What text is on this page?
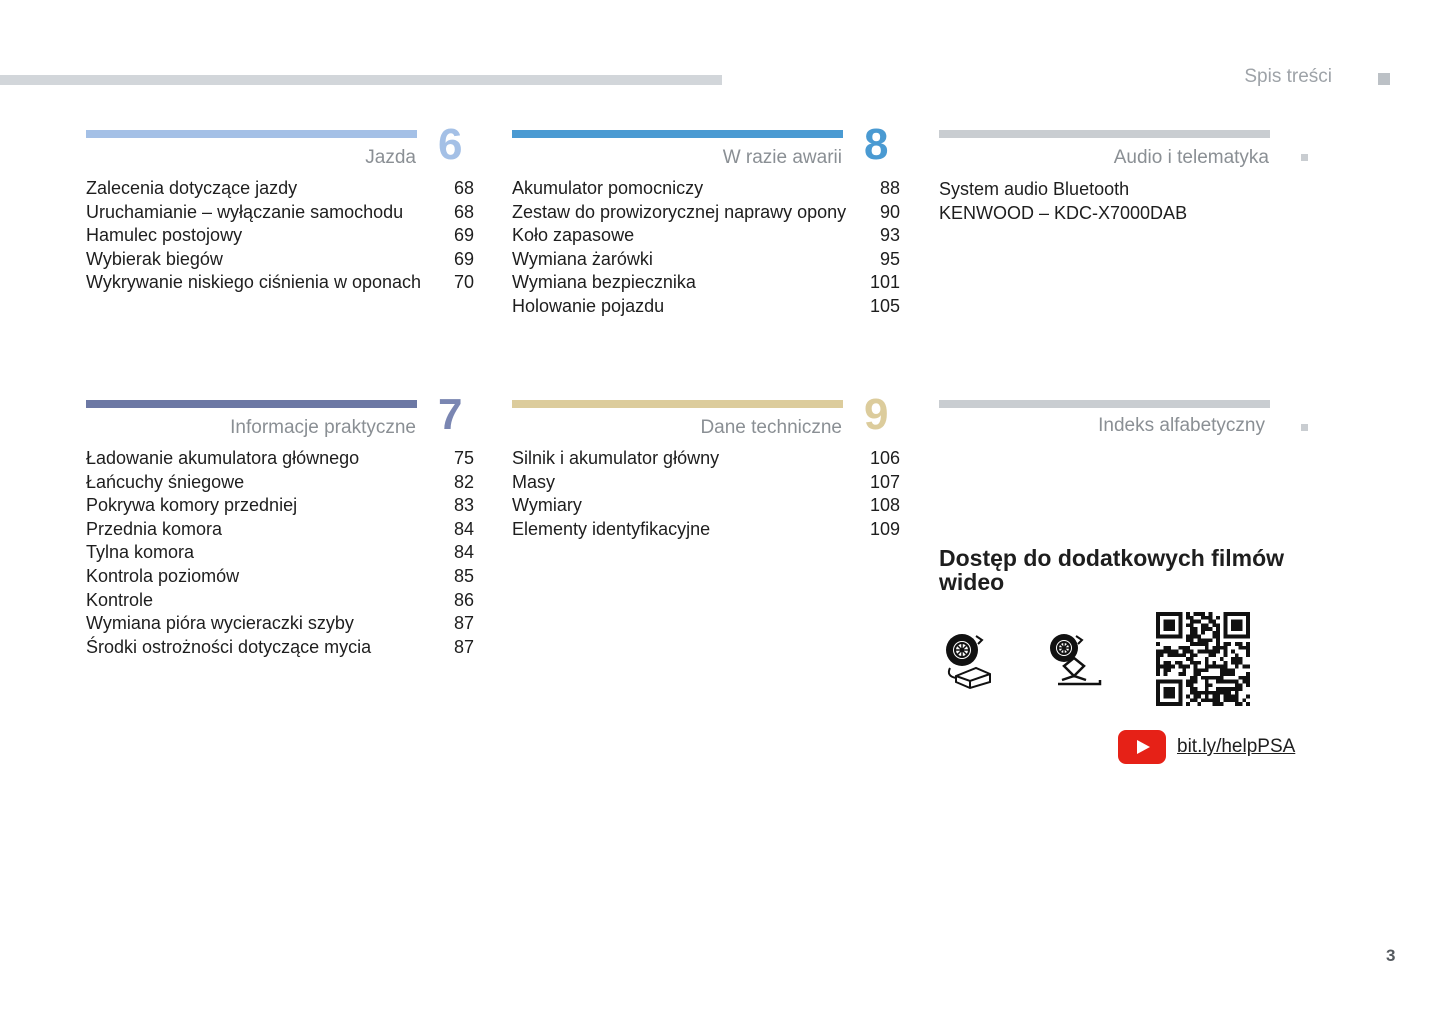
Spis treści
Jazda 6
Zalecenia dotyczące jazdy	68
Uruchamianie – wyłączanie samochodu	68
Hamulec postojowy	69
Wybierak biegów	69
Wykrywanie niskiego ciśnienia w oponach 70
W razie awarii 8
Akumulator pomocniczy	88
Zestaw do prowizorycznej naprawy opony 90
Koło zapasowe	93
Wymiana żarówki	95
Wymiana bezpiecznika	101
Holowanie pojazdu	105
Audio i telematyka
System audio Bluetooth
KENWOOD – KDC-X7000DAB
Informacje praktyczne 7
Ładowanie akumulatora głównego	75
Łańcuchy śniegowe	82
Pokrywa komory przedniej	83
Przednia komora	84
Tylna komora	84
Kontrola poziomów	85
Kontrole	86
Wymiana pióra wycieraczki szyby	87
Środki ostrożności dotyczące mycia	87
Dane techniczne 9
Silnik i akumulator główny	106
Masy	107
Wymiary	108
Elementy identyfikacyjne	109
Indeks alfabetyczny
Dostęp do dodatkowych filmów wideo
bit.ly/helpPSA
3
